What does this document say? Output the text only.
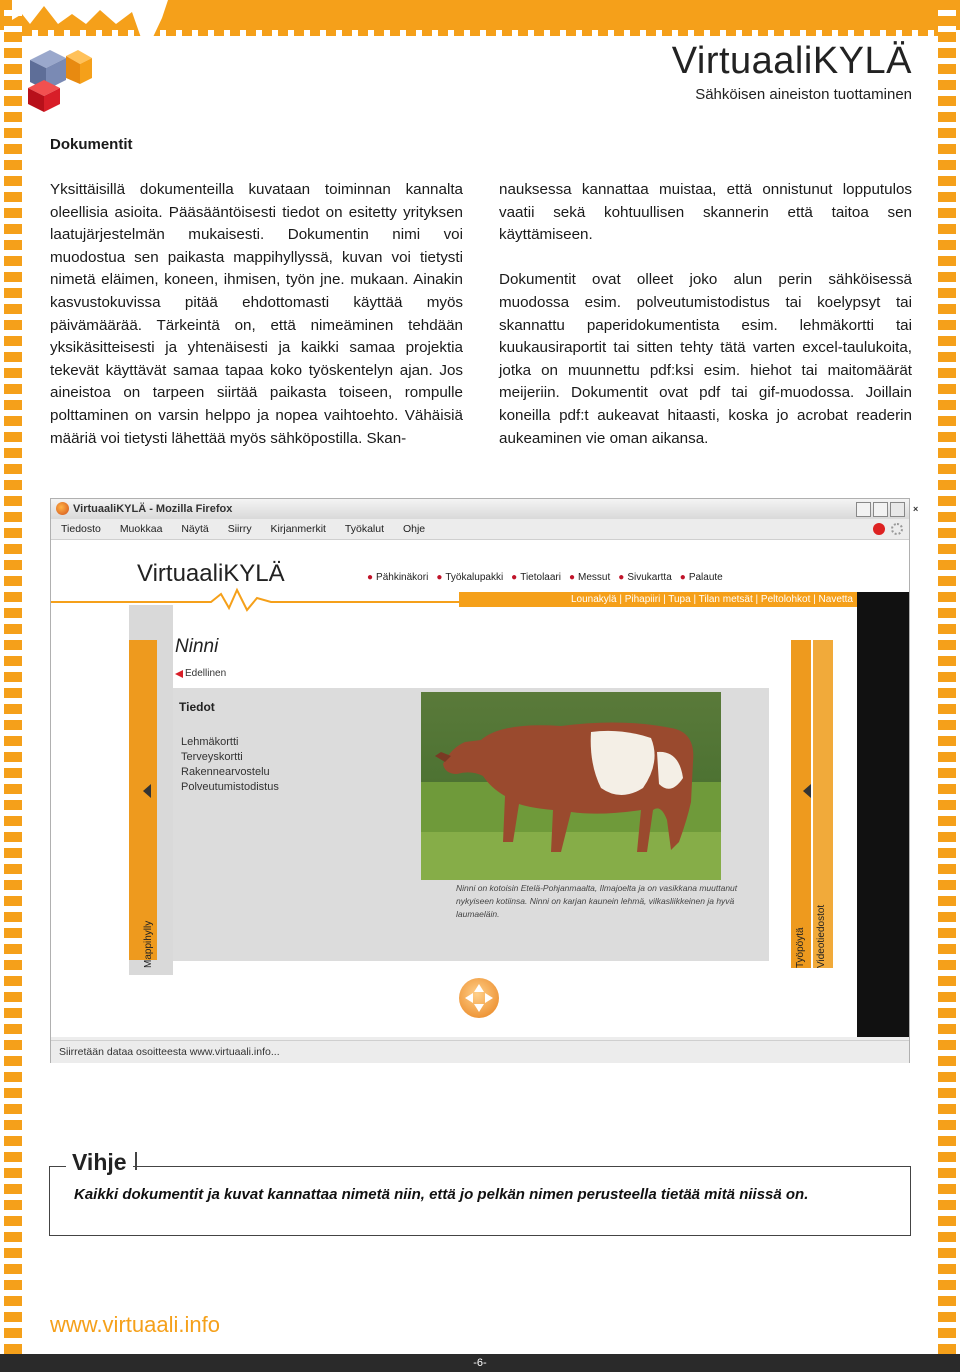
-6-
VirtuaaliKYLÄ
Sähköisen aineiston tuottaminen
Dokumentit

Yksittäisillä dokumenteilla kuvataan toiminnan kannalta oleellisia asioita. Pääsääntöisesti tiedot on esitetty yrityksen laatujärjestelmän mukaisesti. Dokumentin nimi voi muodostua sen paikasta mappihyllyssä, kuvan voi tietysti nimetä eläimen, koneen, ihmisen, työn jne. mukaan. Ainakin kasvustokuvissa pitää ehdottomasti käyttää myös päivämäärää. Tärkeintä on, että nimeäminen tehdään yksikäsitteisesti ja yhtenäisesti ja kaikki samaa projektia tekevät käyttävät samaa tapaa koko työskentelyn ajan. Jos aineistoa on tarpeen siirtää paikasta toiseen, rompulle polttaminen on varsin helppo ja nopea vaihtoehto. Vähäisiä määriä voi tietysti lähettää myös sähköpostilla. Skan-

nauksessa kannattaa muistaa, että onnistunut lopputulos vaatii sekä kohtuullisen skannerin että taitoa sen käyttämiseen.

Dokumentit ovat olleet joko alun perin sähköisessä muodossa esim. polveutumistodistus tai koelypsyt tai skannattu paperidokumentista esim. lehmäkortti tai kuukausiraportit tai sitten tehty tätä varten excel-taulukoita, jotka on muunnettu pdf:ksi esim. hiehot tai maitomäärät meijeriin. Dokumentit ovat pdf tai gif-muodossa. Joillain koneilla pdf:t aukeavat hitaasti, koska jo acrobat readerin aukeaminen vie oman aikansa.

VirtuaaliKYLÄ - Mozilla Firefox	×
Tiedosto Muokkaa Näytä Siirry Kirjanmerkit Työkalut Ohje
VirtuaaliKYLÄ	● Pähkinäkori	● Työkalupakki	● Tietolaari	● Messut	● Sivukartta	● Palaute
Lounakylä | Pihapiiri | Tupa | Tilan metsät | Peltolohkot | Navetta
Mappihylly
Ninni
Edellinen
Tiedot
Lehmäkortti
Terveyskortti
Rakennearvostelu
Polveutumistodistus
Ninni on kotoisin Etelä-Pohjanmaalta, Ilmajoelta ja on vasikkana muuttanut nykyiseen kotiinsa. Ninni on karjan kaunein lehmä, vilkasliikkeinen ja hyvä laumaeläin.
Työpöytä Videotiedostot
Siirretään dataa osoitteesta www.virtuaali.info...
Vihje
Kaikki dokumentit ja kuvat kannattaa nimetä niin, että jo pelkän nimen perusteella tietää mitä niissä on.
www.virtuaali.info
